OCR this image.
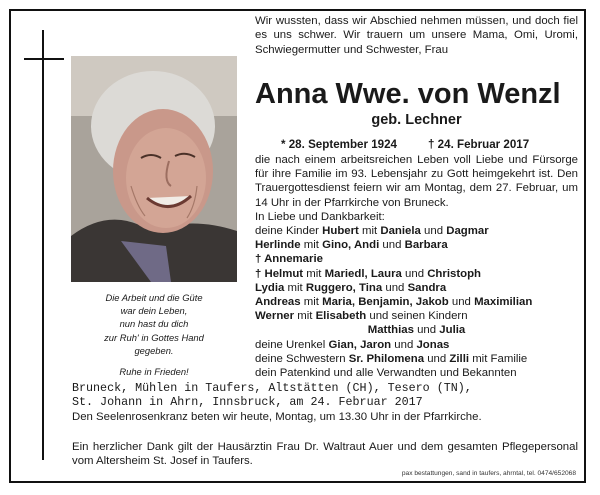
Die Arbeit und die Güte
war dein Leben,
nun hast du dich
zur Ruh' in Gottes Hand
gegeben.
Ruhe in Frieden!
Wir wussten, dass wir Abschied nehmen müssen, und doch fiel es uns schwer. Wir trauern um unsere Mama, Omi, Uromi, Schwiegermutter und Schwester, Frau
Anna Wwe. von Wenzl
geb. Lechner
* 28. September 1924	† 24. Februar 2017
die nach einem arbeitsreichen Leben voll Liebe und Fürsorge für ihre Familie im 93. Lebensjahr zu Gott heimgekehrt ist. Den Trauergottesdienst feiern wir am Montag, dem 27. Februar, um 14 Uhr in der Pfarrkirche von Bruneck.
In Liebe und Dankbarkeit:
deine Kinder Hubert mit Daniela und Dagmar
Herlinde mit Gino, Andi und Barbara
† Annemarie
† Helmut mit Mariedl, Laura und Christoph
Lydia mit Ruggero, Tina und Sandra
Andreas mit Maria, Benjamin, Jakob und Maximilian
Werner mit Elisabeth und seinen Kindern
Matthias und Julia
deine Urenkel Gian, Jaron und Jonas
deine Schwestern Sr. Philomena und Zilli mit Familie
dein Patenkind und alle Verwandten und Bekannten
Bruneck, Mühlen in Taufers, Altstätten (CH), Tesero (TN),
St. Johann in Ahrn, Innsbruck, am 24. Februar 2017
Den Seelenrosenkranz beten wir heute, Montag, um 13.30 Uhr in der Pfarrkirche.
Ein herzlicher Dank gilt der Hausärztin Frau Dr. Waltraut Auer und dem gesamten Pflegepersonal vom Altersheim St. Josef in Taufers.
pax bestattungen, sand in taufers, ahrntal, tel. 0474/652068
